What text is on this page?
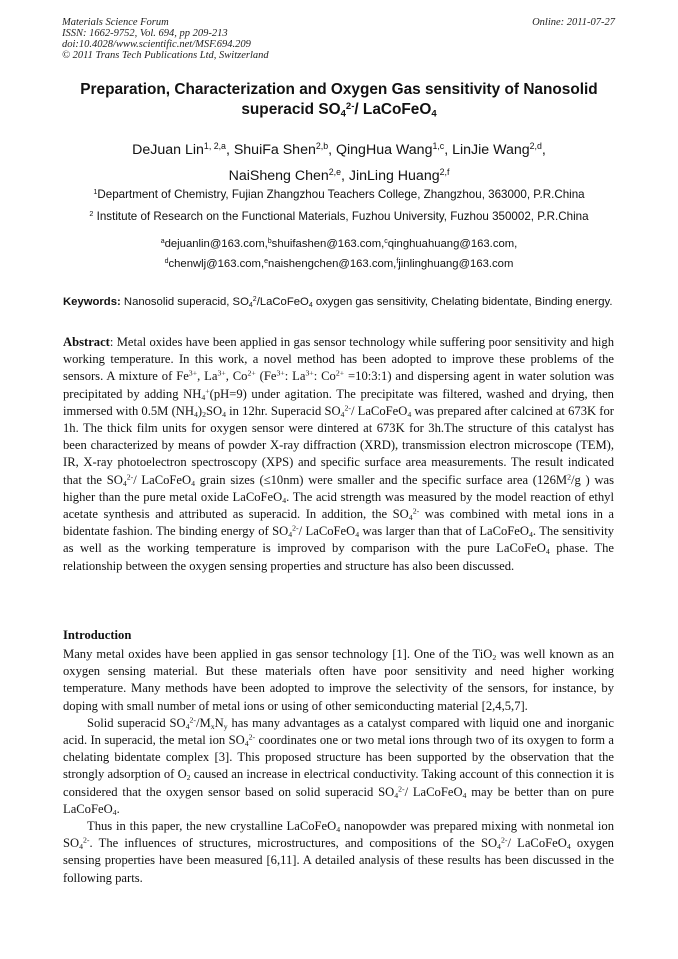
Materials Science Forum
ISSN: 1662-9752, Vol. 694, pp 209-213
doi:10.4028/www.scientific.net/MSF.694.209
© 2011 Trans Tech Publications Ltd, Switzerland
Online: 2011-07-27
Preparation, Characterization and Oxygen Gas sensitivity of Nanosolid
superacid $SO_4^{2-}/$ LaCoFeO$_4$
DeJuan Lin$^{1, 2,a}$, ShuiFa Shen$^{2,b}$, QingHua Wang$^{1,c}$, LinJie Wang$^{2,d}$,
NaiSheng Chen$^{2,e}$, JinLing Huang$^{2,f}$
$^1$Department of Chemistry, Fujian Zhangzhou Teachers College, Zhangzhou, 363000, P.R.China
$^2$ Institute of Research on the Functional Materials, Fuzhou University, Fuzhou 350002, P.R.China
$^a$dejuanlin@163.com,$^b$shuifashen@163.com,$^c$qinghuahuang@163.com,
$^d$chenwlj@163.com,$^e$naishengchen@163.com,$^f$jinlinghuang@163.com
Keywords: Nanosolid superacid, $SO_4^2/LaCoFeO_4$ oxygen gas sensitivity, Chelating bidentate, Binding energy.
Abstract: Metal oxides have been applied in gas sensor technology while suffering poor sensitivity and high working temperature. In this work, a novel method has been adopted to improve these problems of the sensors. A mixture of $Fe^{3+}$, $La^{3+}$, $Co^{2+}$ ($Fe^{3+}$: $La^{3+}$: $Co^{2+}$ =10:3:1) and dispersing agent in water solution was precipitated by adding $NH_4^+(pH=9)$ under agitation. The precipitate was filtered, washed and drying, then immersed with 0.5M $(NH_4)_2SO_4$ in 12hr. Superacid $SO_4^{2-}/$ LaCoFeO$_4$ was prepared after calcined at 673K for 1h. The thick film units for oxygen sensor were dintered at 673K for 3h.The structure of this catalyst has been characterized by means of powder X-ray diffraction (XRD), transmission electron microscope (TEM), IR, X-ray photoelectron spectroscopy (XPS) and specific surface area measurements. The result indicated that the $SO_4^{2-}/$ LaCoFeO$_4$ grain sizes (≤10nm) were smaller and the specific surface area ($126M^2/g$ ) was higher than the pure metal oxide LaCoFeO$_4$. The acid strength was measured by the model reaction of ethyl acetate synthesis and attributed as superacid. In addition, the $SO_4^{2-}$ was combined with metal ions in a bidentate fashion. The binding energy of $SO_4^{2-}/$ LaCoFeO$_4$ was larger than that of LaCoFeO$_4$. The sensitivity as well as the working temperature is improved by comparison with the pure LaCoFeO$_4$ phase. The relationship between the oxygen sensing properties and structure has also been discussed.
Introduction

Many metal oxides have been applied in gas sensor technology [1]. One of the TiO$_2$ was well known as an oxygen sensing material. But these materials often have poor sensitivity and need higher working temperature. Many methods have been adopted to improve the selectivity of the sensors, for instance, by doping with small number of metal ions or using of other semiconducting material [2,4,5,7].

Solid superacid $SO_4^{2-}/M_xN_y$ has many advantages as a catalyst compared with liquid one and inorganic acid. In superacid, the metal ion $SO_4^{2-}$ coordinates one or two metal ions through two of its oxygen to form a chelating bidentate complex [3]. This proposed structure has been supported by the observation that the strongly adsorption of $O_2$ caused an increase in electrical conductivity. Taking account of this connection it is considered that the oxygen sensor based on solid superacid $SO_4^{2-}/$ LaCoFeO$_4$ may be better than on pure LaCoFeO$_4$.

Thus in this paper, the new crystalline LaCoFeO$_4$ nanopowder was prepared mixing with nonmetal ion $SO_4^{2-}$. The influences of structures, microstructures, and compositions of the $SO_4^{2-}/$ LaCoFeO$_4$ oxygen sensing properties have been measured [6,11]. A detailed analysis of these results has been discussed in the following parts.
